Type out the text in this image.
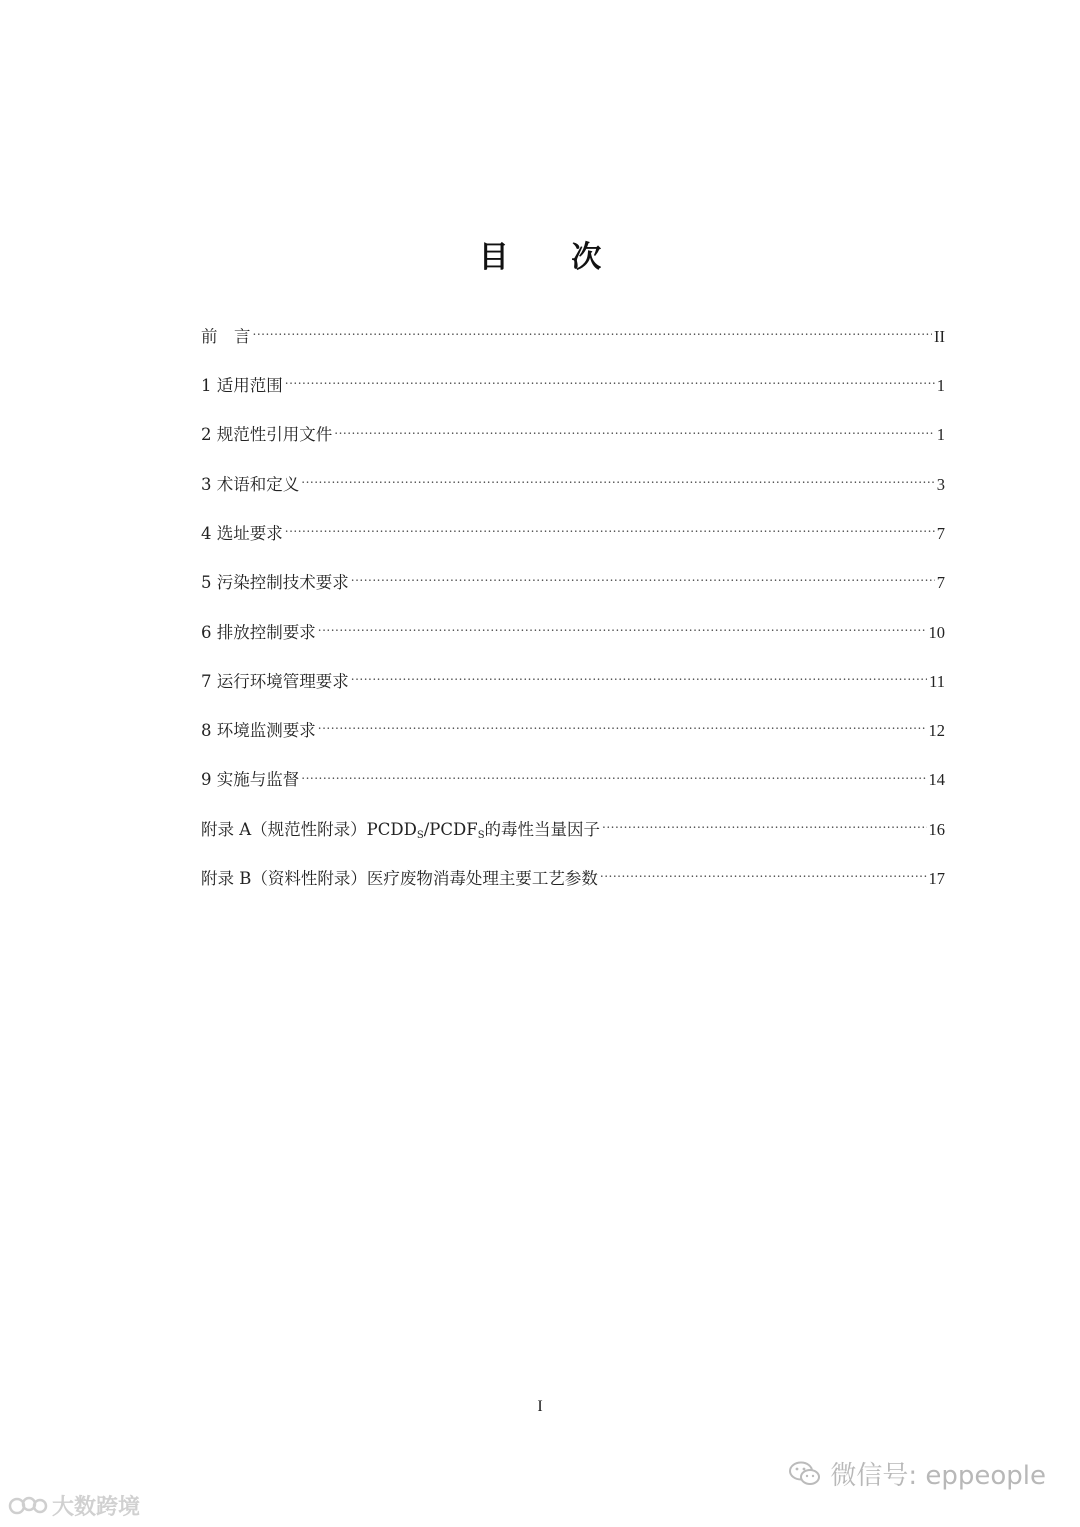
目 次
前　言 .....	II
1 适用范围 .....	1
2 规范性引用文件 .....	1
3 术语和定义 .....	3
4 选址要求 .....	7
5 污染控制技术要求 .....	7
6 排放控制要求 .....	10
7 运行环境管理要求 .....	11
8 环境监测要求 .....	12
9 实施与监督 .....	14
附录 A（规范性附录）$PCDD_S/PCDF_S$的毒性当量因子 .....	16
附录 B（资料性附录）医疗废物消毒处理主要工艺参数 .....	17
I
微信号: eppeople
大数跨境
